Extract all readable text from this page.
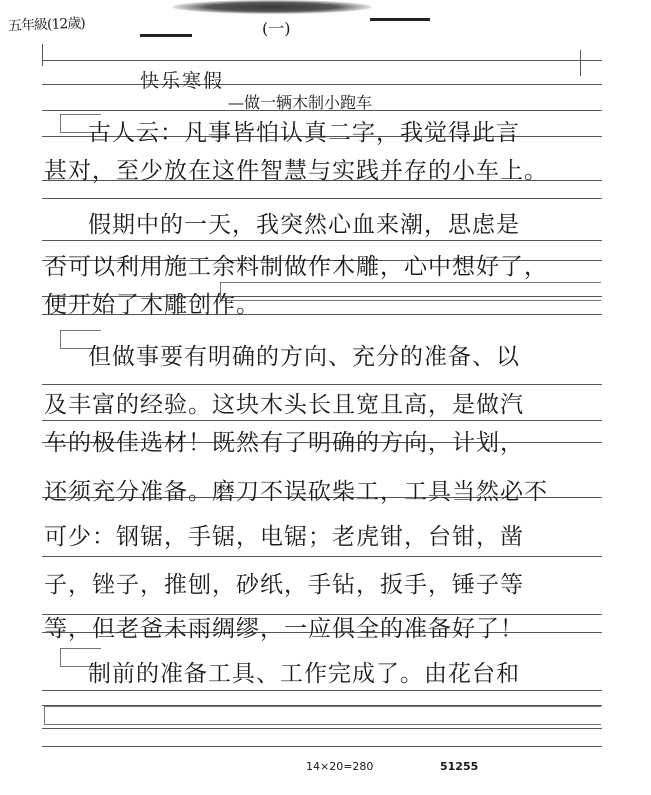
五年級(12歲)	(一)
快乐寒假
—做一辆木制小跑车
古人云：凡事皆怕认真二字，我觉得此言
甚对，至少放在这件智慧与实践并存的小车上。
假期中的一天，我突然心血来潮，思虑是
否可以利用施工余料制做作木雕，心中想好了，
便开始了木雕创作。
但做事要有明确的方向、充分的准备、以
及丰富的经验。这块木头长且宽且高，是做汽
车的极佳选材！既然有了明确的方向，计划，
还须充分准备。磨刀不误砍柴工，工具当然必不
可少：钢锯，手锯，电锯；老虎钳，台钳，凿
子，锉子，推刨，砂纸，手钻，扳手，锤子等
等，但老爸未雨绸缪，一应俱全的准备好了！
制前的准备工具、工作完成了。由花台和
14×20=280	51255
